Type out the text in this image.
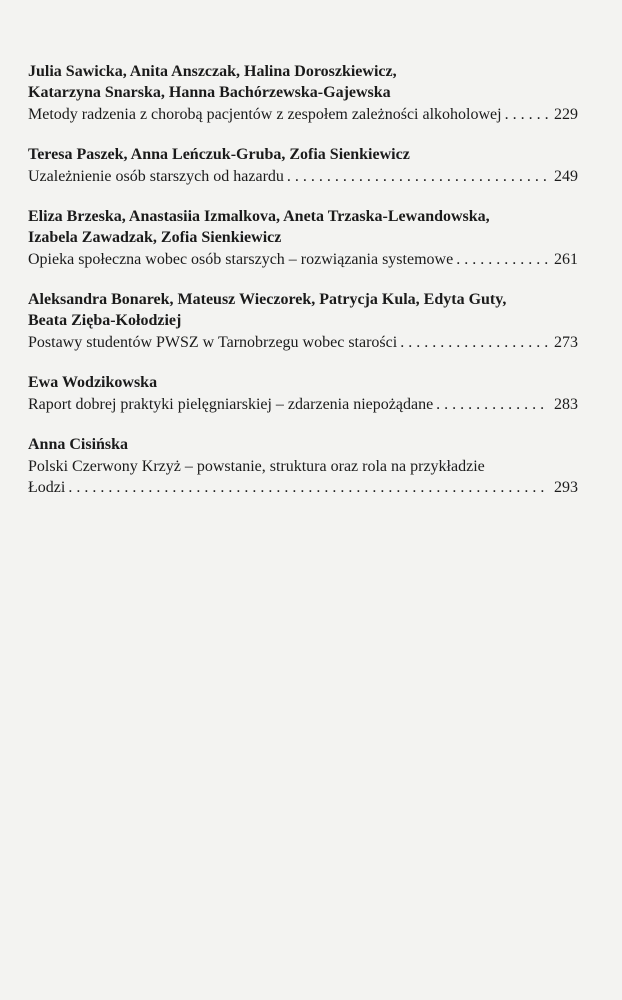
Julia Sawicka, Anita Anszczak, Halina Doroszkiewicz,
Katarzyna Snarska, Hanna Bachórzewska-Gajewska
Metody radzenia z chorobą pacjentów z zespołem zależności alkoholowej . . .	229
Teresa Paszek, Anna Leńczuk-Gruba, Zofia Sienkiewicz
Uzależnienie osób starszych od hazardu . . .	249
Eliza Brzeska, Anastasiia Izmalkova, Aneta Trzaska-Lewandowska,
Izabela Zawadzak, Zofia Sienkiewicz
Opieka społeczna wobec osób starszych – rozwiązania systemowe . . .	261
Aleksandra Bonarek, Mateusz Wieczorek, Patrycja Kula, Edyta Guty,
Beata Zięba-Kołodziej
Postawy studentów PWSZ w Tarnobrzegu wobec starości . . .	273
Ewa Wodzikowska
Raport dobrej praktyki pielęgniarskiej – zdarzenia niepożądane . . .	283
Anna Cisińska
Polski Czerwony Krzyż – powstanie, struktura oraz rola na przykładzie
Łodzi . . .	293
